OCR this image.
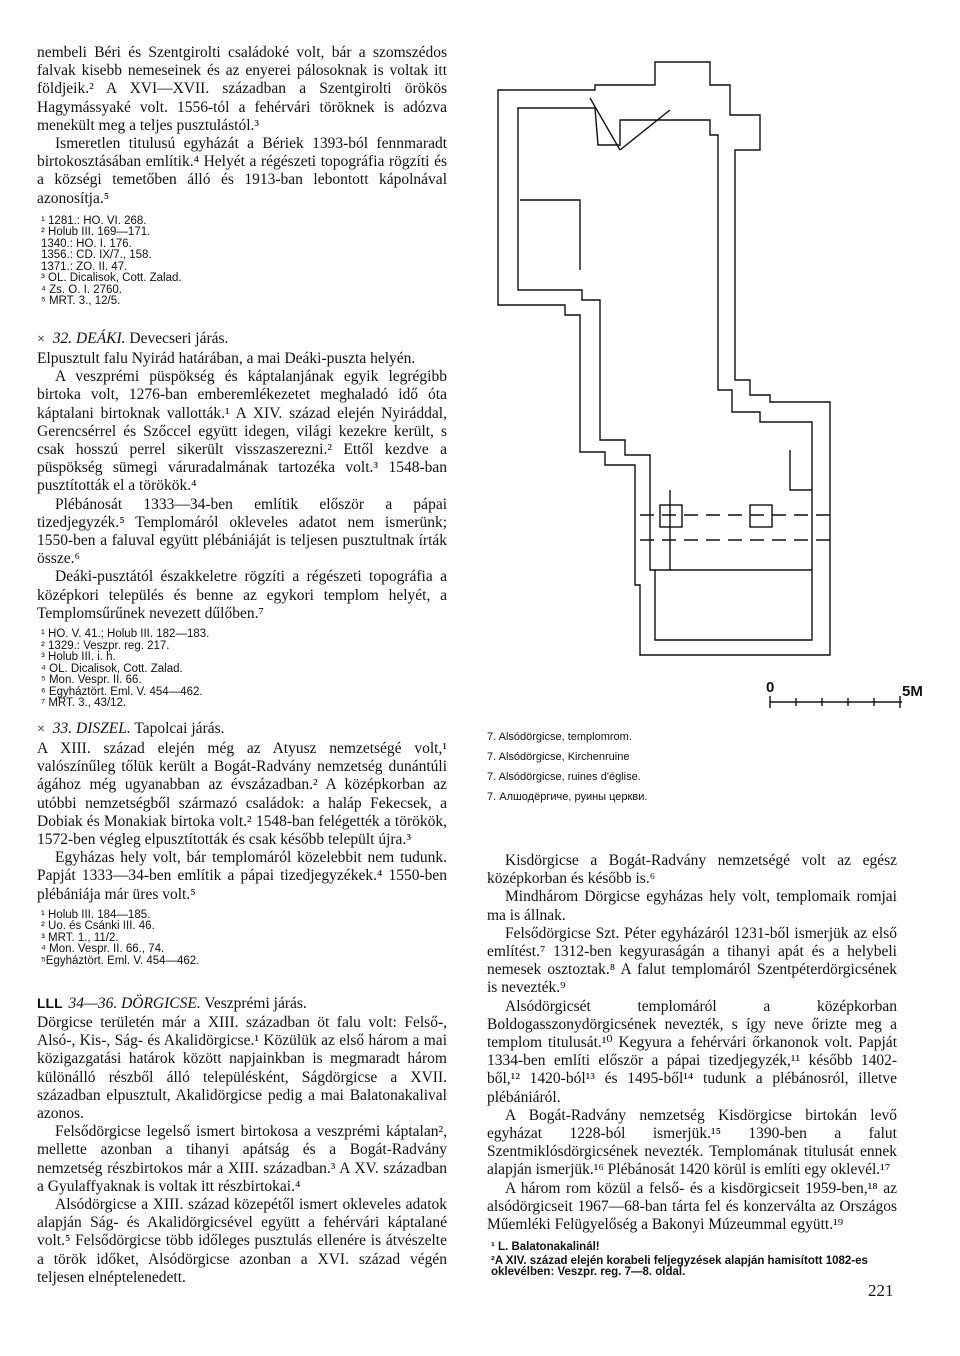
nembeli Béri és Szentgirolti családoké volt, bár a szomszédos falvak kisebb nemeseinek és az enyerei pálosoknak is voltak itt földjeik.² A XVI—XVII. században a Szentgirolti örökös Hagymássyaké volt. 1556-tól a fehérvári töröknek is adózva menekült meg a teljes pusztulástól.³

Ismeretlen titulusú egyházát a Bériek 1393-ból fennmaradt birtokosztásában említik.⁴ Helyét a régészeti topográfia rögzíti és a községi temetőben álló és 1913-ban lebontott kápolnával azonosítja.⁵

¹ 1281.: HO. VI. 268.

² Holub III. 169—171.

1340.: HO. I. 176.

1356.: CD. IX/7., 158.

1371.: ZO. II. 47.

³ OL. Dicalisok, Cott. Zalad.

⁴ Zs. O. I. 2760.

⁵ MRT. 3., 12/5.

× 32. DEÁKI. Devecseri járás.

Elpusztult falu Nyirád határában, a mai Deáki-puszta helyén.

A veszprémi püspökség és káptalanjának egyik legrégibb birtoka volt, 1276-ban emberemlékezetet meghaladó idő óta káptalani birtoknak vallották.¹ A XIV. század elején Nyiráddal, Gerencsérrel és Szőccel együtt idegen, világi kezekre került, s csak hosszú perrel sikerült visszaszerezni.² Ettől kezdve a püspökség sümegi váruradalmának tartozéka volt.³ 1548-ban pusztították el a törökök.⁴

Plébánosát 1333—34-ben említik először a pápai tizedjegyzék.⁵ Templomáról okleveles adatot nem ismerünk; 1550-ben a faluval együtt plébániáját is teljesen pusztultnak írták össze.⁶

Deáki-pusztától északkeletre rögzíti a régészeti topográfia a középkori település és benne az egykori templom helyét, a Templomsűrűnek nevezett dűlőben.⁷

¹ HO. V. 41.; Holub III. 182—183.

² 1329.: Veszpr. reg. 217.

³ Holub III. i. h.

⁴ OL. Dicalisok, Cott. Zalad.

⁵ Mon. Vespr. II. 66.

⁶ Egyháztört. Eml. V. 454—462.

⁷ MRT. 3., 43/12.

× 33. DISZEL. Tapolcai járás.

A XIII. század elején még az Atyusz nemzetségé volt,¹ valószínűleg tőlük került a Bogát-Radvány nemzetség dunántúli ágához még ugyanabban az évszázadban.² A középkorban az utóbbi nemzetségből származó családok: a haláp Fekecsek, a Dobiak és Monakiak birtoka volt.² 1548-ban felégették a törökök, 1572-ben végleg elpusztították és csak később települt újra.³

Egyházas hely volt, bár templomáról közelebbit nem tudunk. Papját 1333—34-ben említik a pápai tizedjegyzékek.⁴ 1550-ben plébániája már üres volt.⁵

¹ Holub III. 184—185.

² Uo. és Csánki III. 46.

³ MRT. 1., 11/2.

⁴ Mon. Vespr. II. 66., 74.

⁵Egyháztört. Eml. V. 454—462.

LLL 34—36. DÖRGICSE. Veszprémi járás.

Dörgicse területén már a XIII. században öt falu volt: Felső-, Alsó-, Kis-, Ság- és Akalidörgicse.¹ Közülük az első három a mai közigazgatási határok között napjainkban is megmaradt három különálló részből álló településként, Ságdörgicse a XVII. században elpusztult, Akalidörgicse pedig a mai Balatonakalival azonos.

Felsődörgicse legelső ismert birtokosa a veszprémi káptalan², mellette azonban a tihanyi apátság és a Bogát-Radvány nemzetség részbirtokos már a XIII. században.³ A XV. században a Gyulaffyaknak is voltak itt részbirtokai.⁴

Alsódörgicse a XIII. század közepétől ismert okleveles adatok alapján Ság- és Akalidörgicsével együtt a fehérvári káptalané volt.⁵ Felsődörgicse több időleges pusztulás ellenére is átvészelte a török időket, Alsódörgicse azonban a XVI. század végén teljesen elnéptelenedett.

0	5M

7. Alsódörgicse, templomrom.

7. Alsódörgicse, Kirchenruine

7. Alsódörgicse, ruines d'église.

7. Алшодёргичe, руины церкви.

Kisdörgicse a Bogát-Radvány nemzetségé volt az egész középkorban és később is.⁶

Mindhárom Dörgicse egyházas hely volt, templomaik romjai ma is állnak.

Felsődörgicse Szt. Péter egyházáról 1231-ből ismerjük az első említést.⁷ 1312-ben kegyuraságán a tihanyi apát és a helybeli nemesek osztoztak.⁸ A falut templomáról Szentpéterdörgicsének is nevezték.⁹

Alsódörgicsét templomáról a középkorban Boldogasszonydörgicsének nevezték, s így neve őrizte meg a templom titulusát.¹⁰ Kegyura a fehérvári őrkanonok volt. Papját 1334-ben említi először a pápai tizedjegyzék,¹¹ később 1402-ből,¹² 1420-ból¹³ és 1495-ből¹⁴ tudunk a plébánosról, illetve plébániáról.

A Bogát-Radvány nemzetség Kisdörgicse birtokán levő egyházat 1228-ból ismerjük.¹⁵ 1390-ben a falut Szentmiklósdörgicsének nevezték. Templomának titulusát ennek alapján ismerjük.¹⁶ Plébánosát 1420 körül is említi egy oklevél.¹⁷

A három rom közül a felső- és a kisdörgicseit 1959-ben,¹⁸ az alsódörgicseit 1967—68-ban tárta fel és konzerválta az Országos Műemléki Felügyelőség a Bakonyi Múzeummal együtt.¹⁹

¹ L. Balatonakalinál!

²A XIV. század elején korabeli feljegyzések alapján hamisított 1082-es oklevélben: Veszpr. reg. 7—8. oldal.

221
